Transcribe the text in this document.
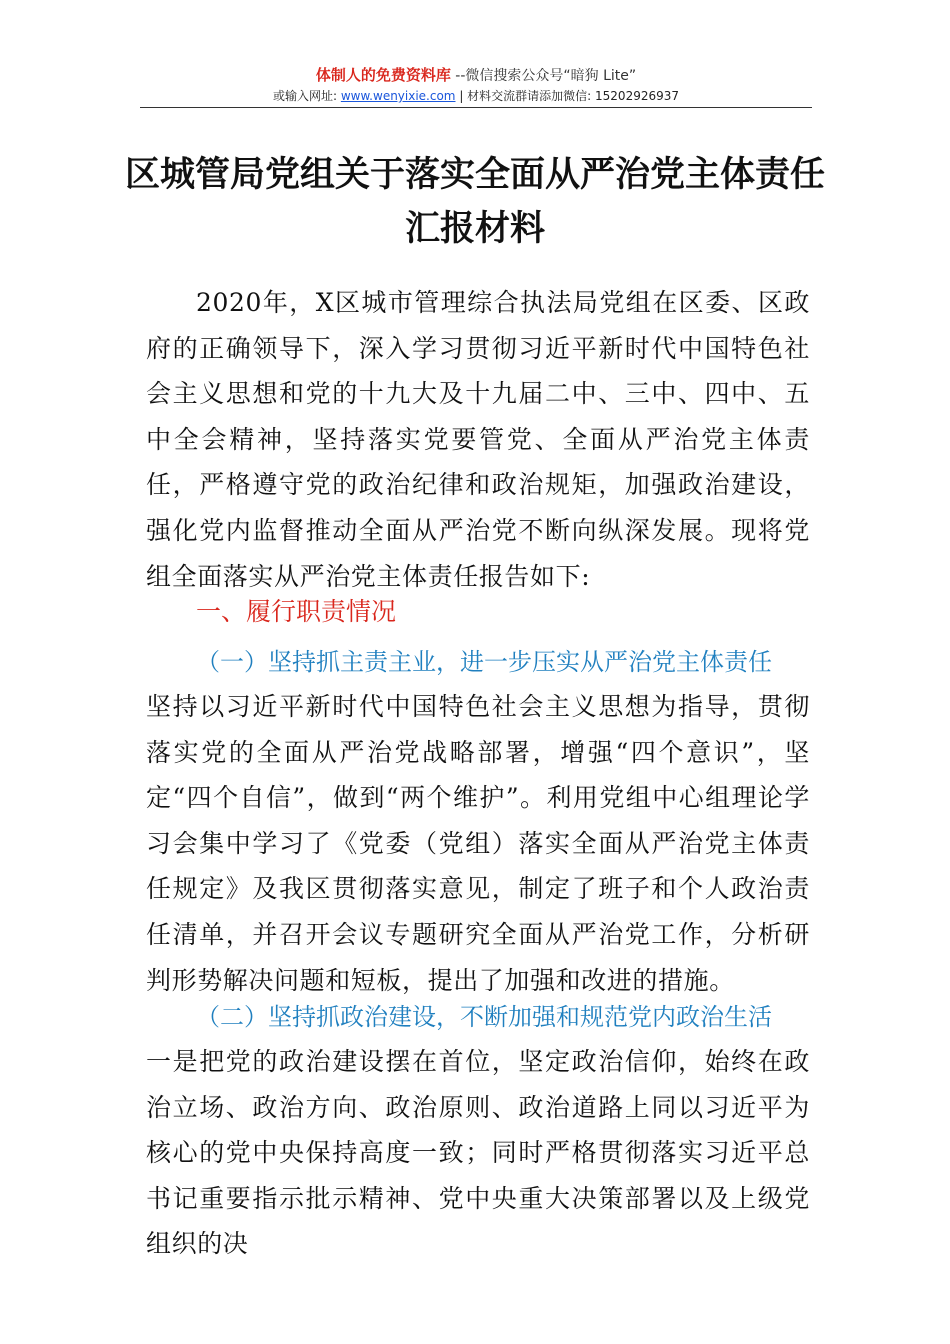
体制人的免费资料库 --微信搜索公众号“暗狗 Lite”
或输入网址: www.wenyixie.com | 材料交流群请添加微信: 15202926937
区城管局党组关于落实全面从严治党主体责任汇报材料
2020年，X区城市管理综合执法局党组在区委、区政府的正确领导下，深入学习贯彻习近平新时代中国特色社会主义思想和党的十九大及十九届二中、三中、四中、五中全会精神，坚持落实党要管党、全面从严治党主体责任，严格遵守党的政治纪律和政治规矩，加强政治建设，强化党内监督推动全面从严治党不断向纵深发展。现将党组全面落实从严治党主体责任报告如下:
一、履行职责情况
（一）坚持抓主责主业，进一步压实从严治党主体责任
坚持以习近平新时代中国特色社会主义思想为指导，贯彻落实党的全面从严治党战略部署，增强“四个意识”，坚定“四个自信”，做到“两个维护”。利用党组中心组理论学习会集中学习了《党委（党组）落实全面从严治党主体责任规定》及我区贯彻落实意见，制定了班子和个人政治责任清单，并召开会议专题研究全面从严治党工作，分析研判形势解决问题和短板，提出了加强和改进的措施。
（二）坚持抓政治建设，不断加强和规范党内政治生活
一是把党的政治建设摆在首位，坚定政治信仰，始终在政治立场、政治方向、政治原则、政治道路上同以习近平为核心的党中央保持高度一致；同时严格贯彻落实习近平总书记重要指示批示精神、党中央重大决策部署以及上级党组织的决
